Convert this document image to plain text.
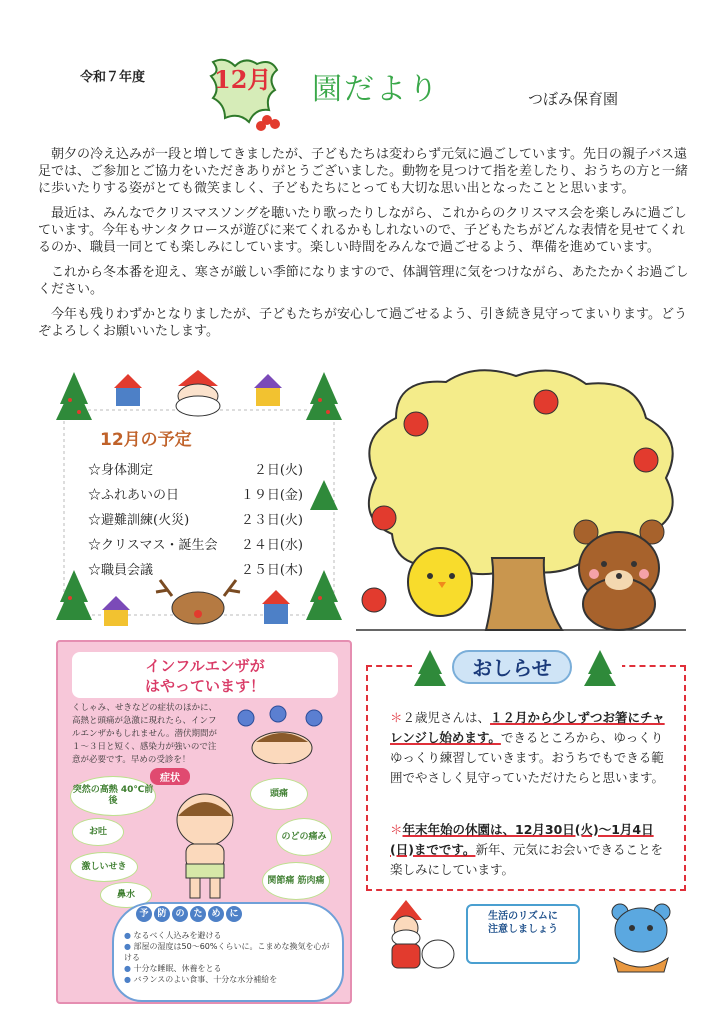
令和７年度	12月 園だより	つぼみ保育園

朝夕の冷え込みが一段と増してきましたが、子どもたちは変わらず元気に過ごしています。先日の親子バス遠足では、ご参加とご協力をいただきありがとうございました。動物を見つけて指を差したり、おうちの方と一緒に歩いたりする姿がとても微笑ましく、子どもたちにとっても大切な思い出となったことと思います。

最近は、みんなでクリスマスソングを聴いたり歌ったりしながら、これからのクリスマス会を楽しみに過ごしています。今年もサンタクロースが遊びに来てくれるかもしれないので、子どもたちがどんな表情を見せてくれるのか、職員一同とても楽しみにしています。楽しい時間をみんなで過ごせるよう、準備を進めています。

これから冬本番を迎え、寒さが厳しい季節になりますので、体調管理に気をつけながら、あたたかくお過ごしください。

今年も残りわずかとなりましたが、子どもたちが安心して過ごせるよう、引き続き見守ってまいります。どうぞよろしくお願いいたします。

12月の予定
☆身体測定	２日(火)
☆ふれあいの日	１９日(金)
☆避難訓練(火災)	２３日(火)
☆クリスマス・誕生会 ２４日(水)
☆職員会議	２５日(木)
インフルエンザが
はやっています！
くしゃみ、せきなどの症状のほかに、高熱と頭痛が急激に現れたら、インフルエンザかもしれません。潜伏期間が１〜３日と短く、感染力が強いので注意が必要です。早めの受診を！
症状
突然の高熱 40℃前後
頭痛
お吐	のどの痛み
激しいせき
関節痛 筋肉痛
鼻水
予 防 の た め に
● なるべく人込みを避ける
● 部屋の湿度は50〜60%くらいに。こまめな換気を心がける
● 十分な睡眠、休養をとる
● バランスのよい食事、十分な水分補給を
おしらせ
＊２歳児さんは、１２月から少しずつお箸にチャレンジし始めます。できるところから、ゆっくりゆっくり練習していきます。おうちでもできる範囲でやさしく見守っていただけたらと思います。
＊年末年始の休園は、12月30日(火)〜1月4日(日)までです。新年、元気にお会いできることを楽しみにしています。
生活のリズムに
注意しましょう
